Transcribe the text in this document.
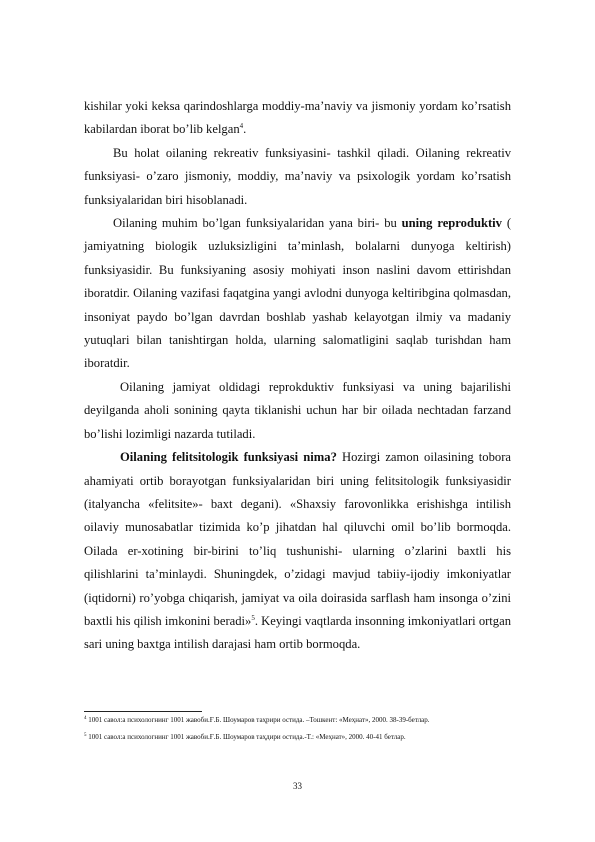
kishilar yoki keksa qarindoshlarga moddiy-ma’naviy va jismoniy yordam ko’rsatish kabilardan iborat bo’lib kelgan$^4$.

Bu holat oilaning rekreativ funksiyasini- tashkil qiladi. Oilaning rekreativ funksiyasi- o’zaro jismoniy, moddiy, ma’naviy va psixologik yordam ko’rsatish funksiyalaridan biri hisoblanadi.

Oilaning muhim bo’lgan funksiyalaridan yana biri- bu uning reproduktiv ( jamiyatning biologik uzluksizligini ta’minlash, bolalarni dunyoga keltirish) funksiyasidir. Bu funksiyaning asosiy mohiyati inson naslini davom ettirishdan iboratdir. Oilaning vazifasi faqatgina yangi avlodni dunyoga keltiribgina qolmasdan, insoniyat paydo bo’lgan davrdan boshlab yashab kelayotgan ilmiy va madaniy yutuqlari bilan tanishtirgan holda, ularning salomatligini saqlab turishdan ham iboratdir.

Oilaning jamiyat oldidagi reprokduktiv funksiyasi va uning bajarilishi deyilganda aholi sonining qayta tiklanishi uchun har bir oilada nechtadan farzand bo’lishi lozimligi nazarda tutiladi.

Oilaning felitsitologik funksiyasi nima? Hozirgi zamon oilasining tobora ahamiyati ortib borayotgan funksiyalaridan biri uning felitsitologik funksiyasidir (italyancha «felitsite»- baxt degani). «Shaxsiy farovonlikka erishishga intilish oilaviy munosabatlar tizimida ko’p jihatdan hal qiluvchi omil bo’lib bormoqda. Oilada er-xotining bir-birini to’liq tushunishi- ularning o’zlarini baxtli his qilishlarini ta’minlaydi. Shuningdek, o’zidagi mavjud tabiiy-ijodiy imkoniyatlar (iqtidorni) ro’yobga chiqarish, jamiyat va oila doirasida sarflash ham insonga o’zini baxtli his qilish imkonini beradi»$^5$. Keyingi vaqtlarda insonning imkoniyatlari ortgan sari uning baxtga intilish darajasi ham ortib bormoqda.

$^4$ 1001 савол:а психологнинг 1001 жавоби.Ғ.Б. Шоумаров таҳрири остида. –Тошкент: «Меҳнат», 2000. 38-39-бетлар.
$^5$ 1001 савол:а психологнинг 1001 жавоби.Ғ.Б. Шоумаров таҳдири остида.-Т.: «Меҳнат», 2000. 40-41 бетлар.
33
